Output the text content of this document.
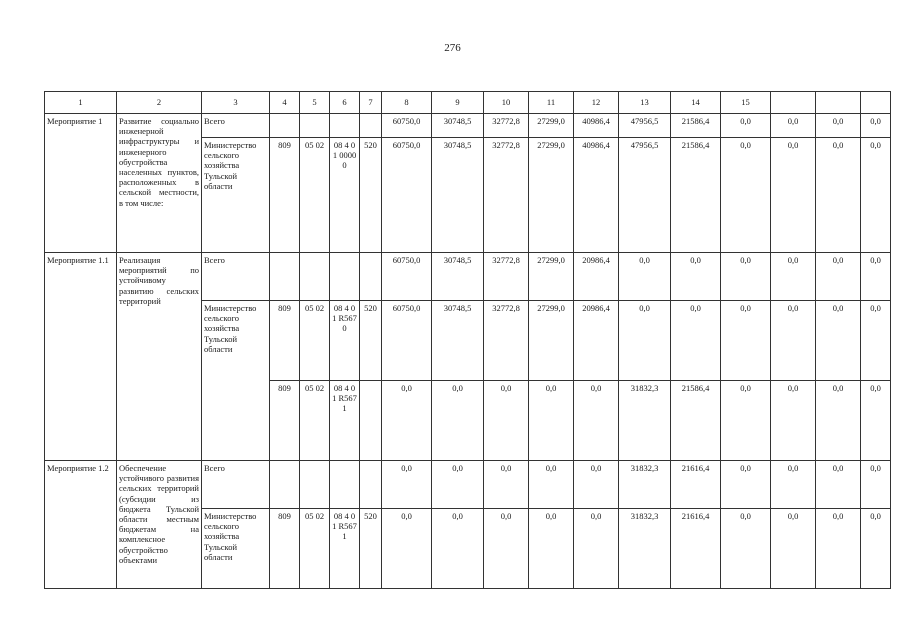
276
1	2	3	4	5	6	7	8	9	10	11	12	13	14	15			
Мероприятие 1	Развитие социально инженерной инфраструктуры и инженерного обустройства населенных пунктов, расположенных в сельской местности, в том числе:	Всего					60750,0	30748,5	32772,8	27299,0	40986,4	47956,5	21586,4	0,0	0,0	0,0	0,0
		Министерство сельского хозяйства Тульской области	809	05 02	08 4 01 0000 0	520	60750,0	30748,5	32772,8	27299,0	40986,4	47956,5	21586,4	0,0	0,0	0,0	0,0
Мероприятие 1.1	Реализация мероприятий по устойчивому развитию сельских территорий	Всего					60750,0	30748,5	32772,8	27299,0	20986,4	0,0	0,0	0,0	0,0	0,0	0,0
		Министерство сельского хозяйства Тульской области	809	05 02	08 4 01 R567 0	520	60750,0	30748,5	32772,8	27299,0	20986,4	0,0	0,0	0,0	0,0	0,0	0,0
			809	05 02	08 4 01 R567 1		0,0	0,0	0,0	0,0	0,0	31832,3	21586,4	0,0	0,0	0,0	0,0
Мероприятие 1.2	Обеспечение устойчивого развития сельских территорий (субсидии из бюджета Тульской области местным бюджетам на комплексное обустройство объектами	Всего					0,0	0,0	0,0	0,0	0,0	31832,3	21616,4	0,0	0,0	0,0	0,0
		Министерство сельского хозяйства Тульской области	809	05 02	08 4 01 R567 1	520	0,0	0,0	0,0	0,0	0,0	31832,3	21616,4	0,0	0,0	0,0	0,0
